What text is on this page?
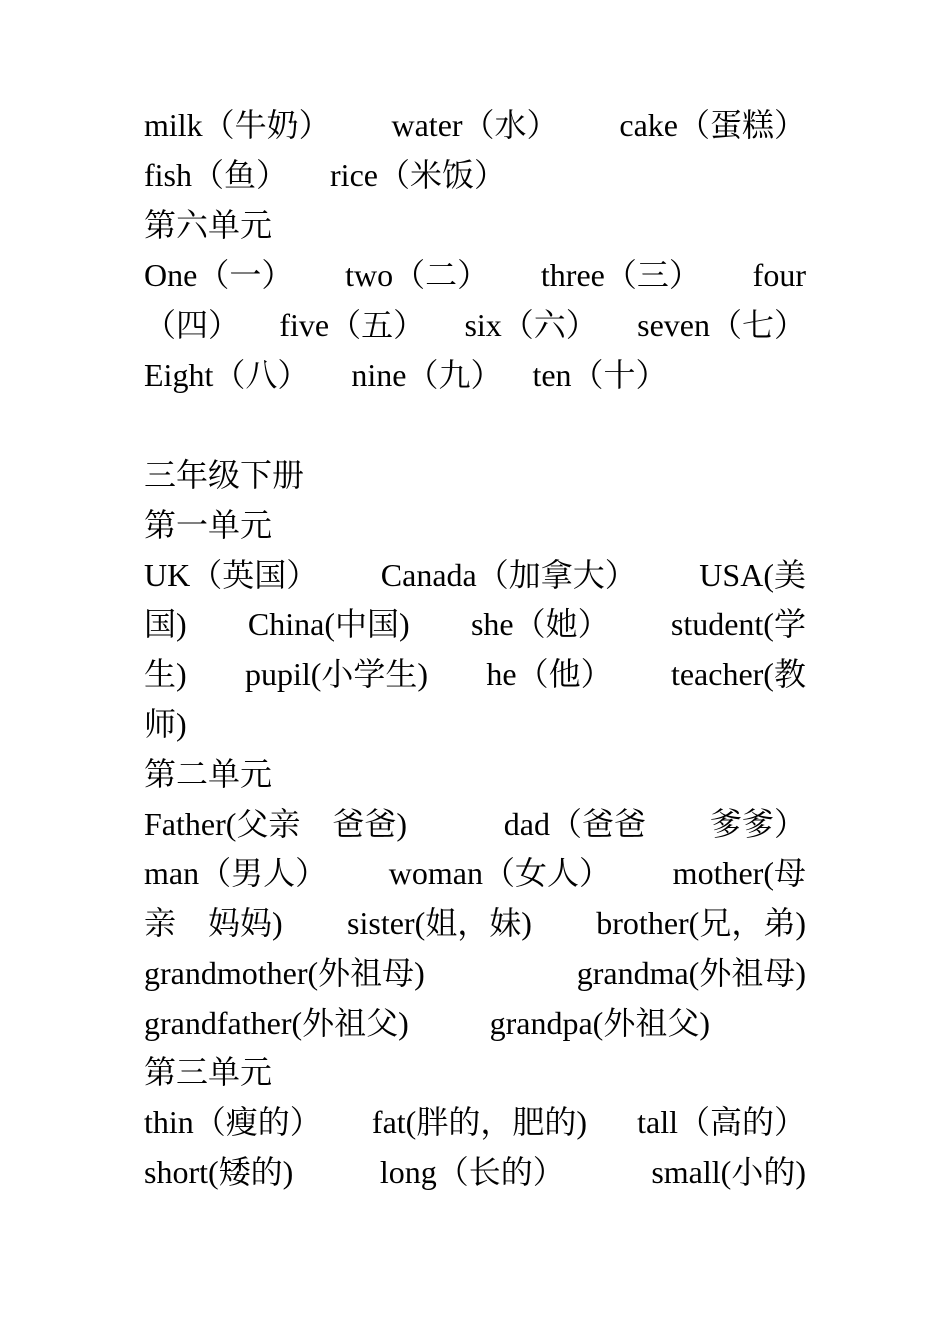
milk（牛奶） water（水） cake（蛋糕）
fish（鱼） rice（米饭）
第六单元
One（一） two（二） three（三） four
（四） five（五） six（六） seven（七）
Eight（八） nine（九） ten（十）
三年级下册
第一单元
UK（英国） Canada（加拿大） USA(美
国) China(中国) she（她） student(学
生) pupil(小学生) he（他） teacher(教
师)
第二单元
Father(父亲　爸爸)	dad（爸爸　　爹爹）
man（男人） woman（女人） mother(母
亲　妈妈) sister(姐，妹) brother(兄，弟)
grandmother(外祖母)	grandma(外祖母)
grandfather(外祖父)	grandpa(外祖父)
第三单元
thin（瘦的） fat(胖的，肥的) tall（高的）
short(矮的)	long（长的）	small(小的)
